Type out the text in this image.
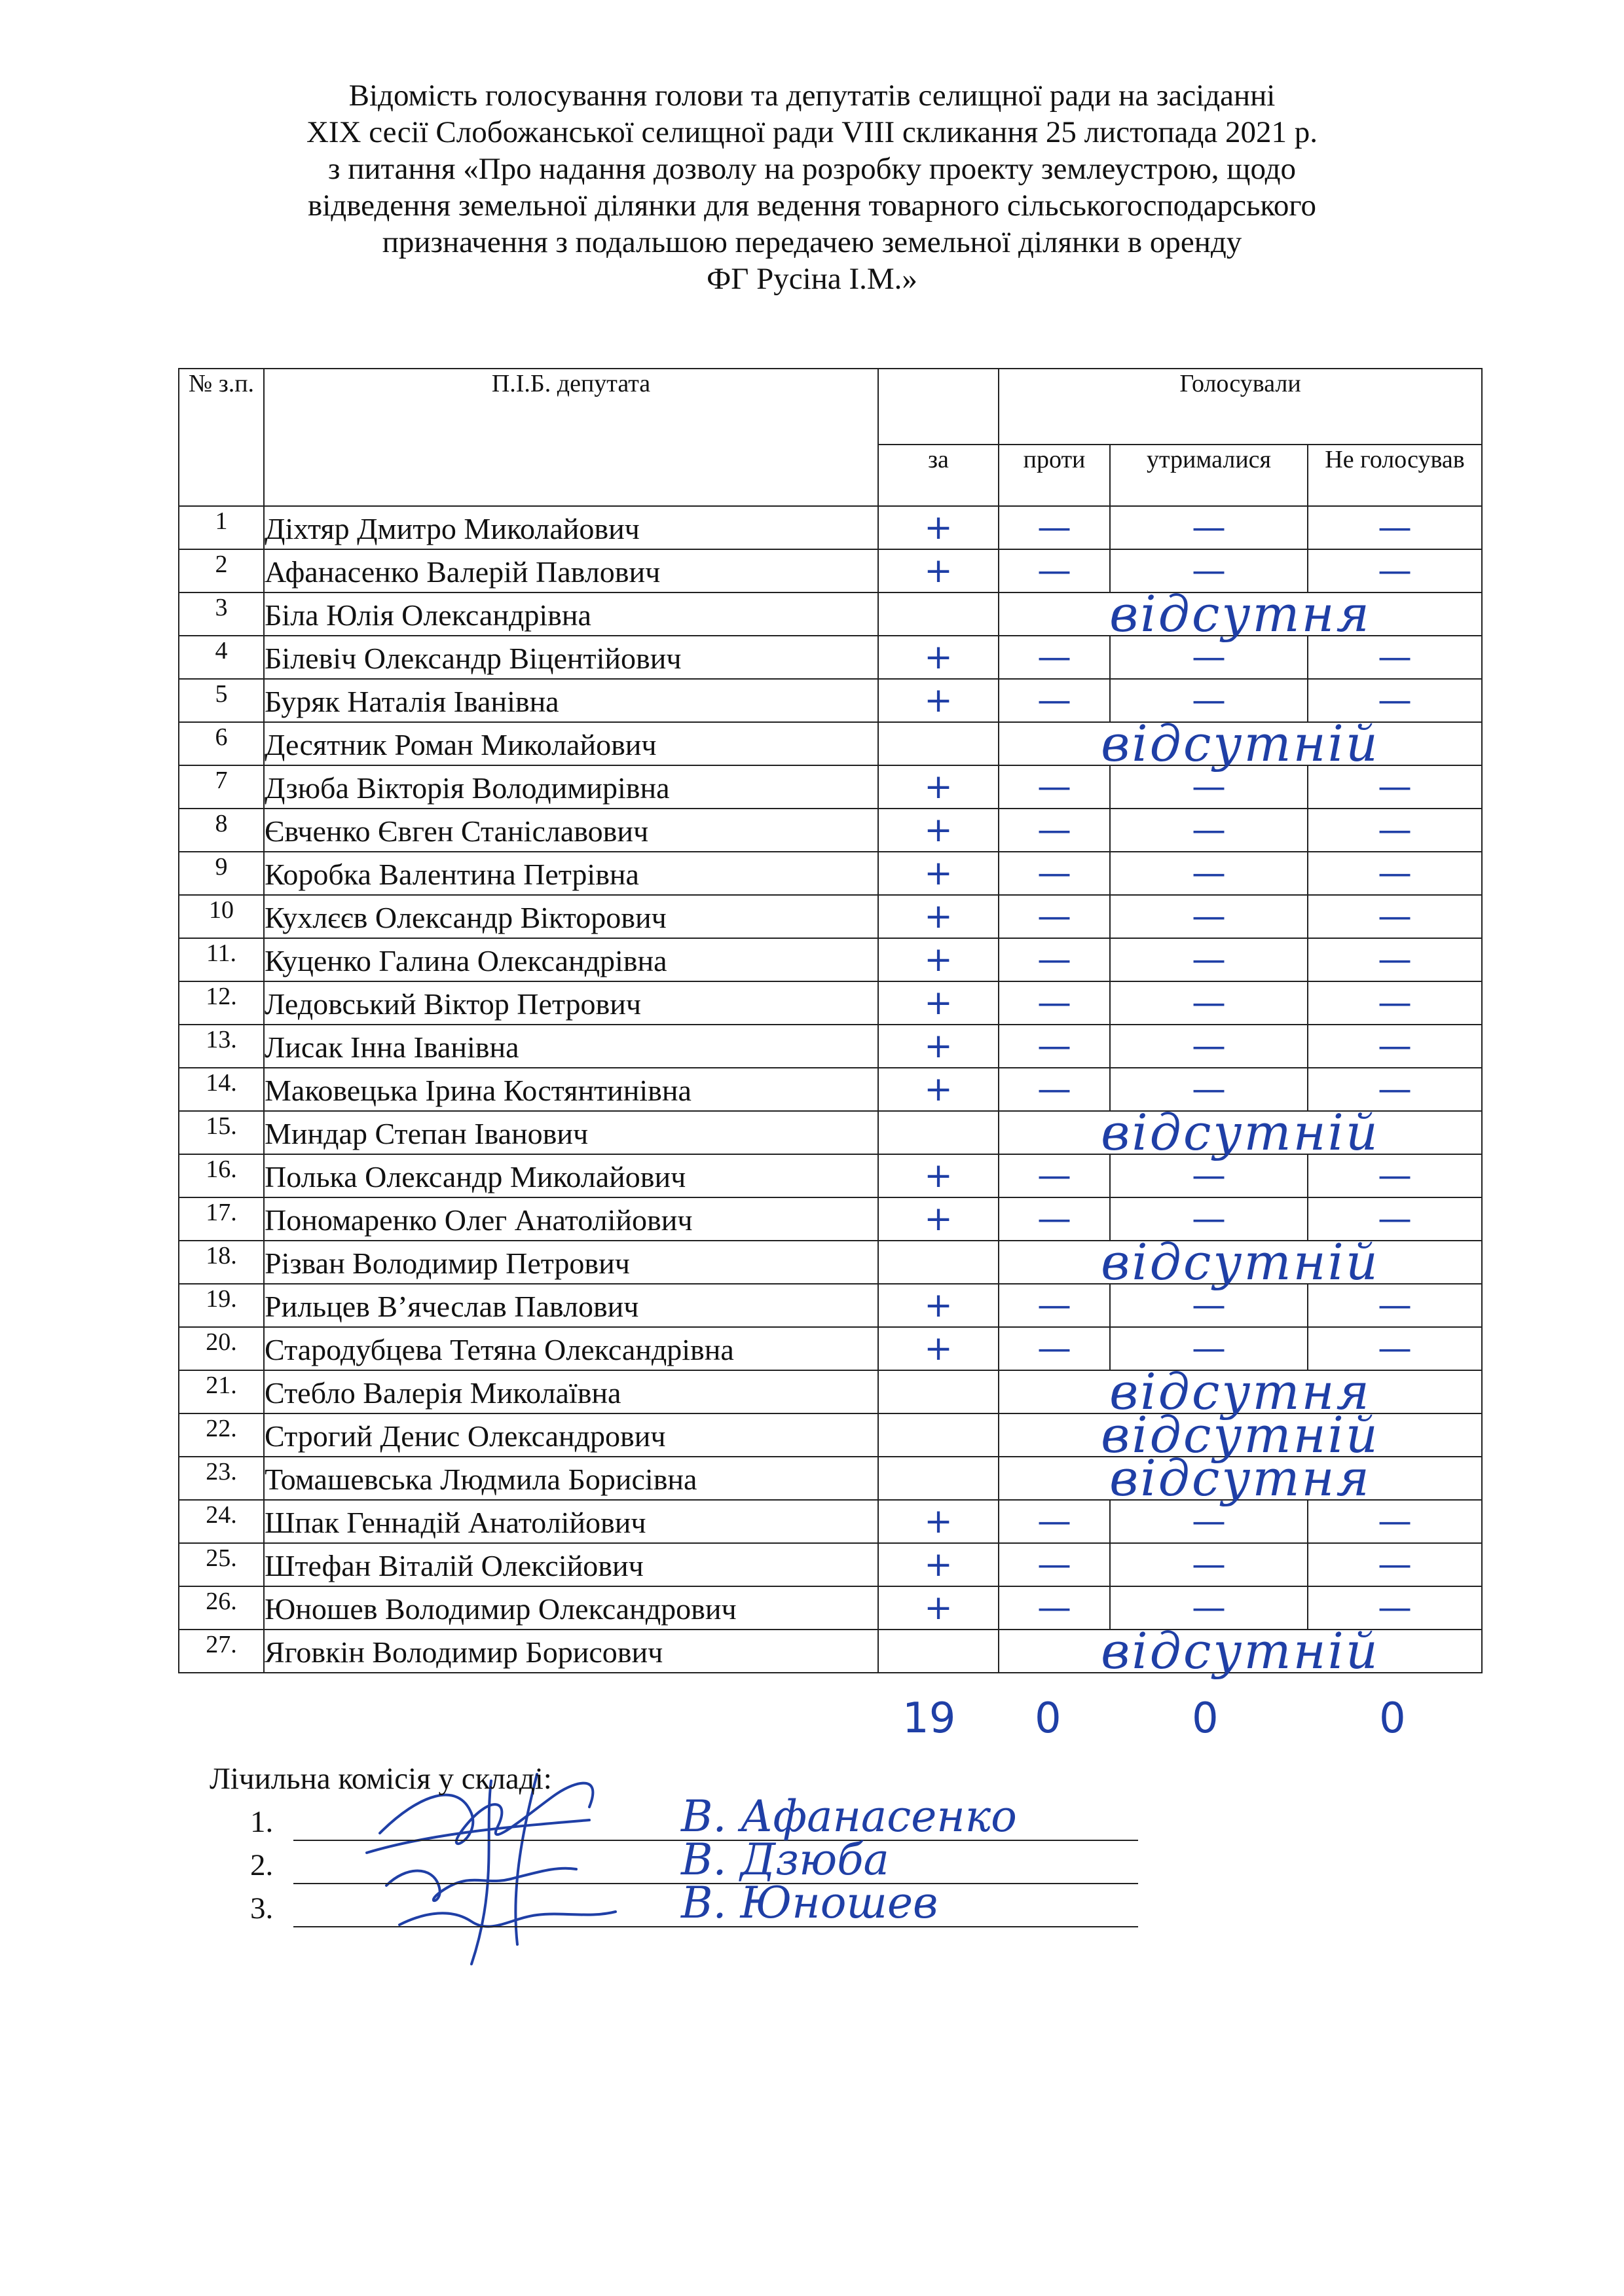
Відомість голосування голови та депутатів селищної ради на засіданні
XIX сесії Слобожанської селищної ради VIII скликання 25 листопада 2021 р.
з питання «Про надання дозволу на розробку проекту землеустрою, щодо
відведення земельної ділянки для ведення товарного сільськогосподарського
призначення з подальшою передачею земельної ділянки в оренду
ФГ Русіна І.М.»
№ з.п.	П.І.Б. депутата		Голосували		
		за	проти	утрималися	Не голосував
1	Діхтяр Дмитро Миколайович	+	—	—	—
2	Афанасенко Валерій Павлович	+	—	—	—
3	Біла Юлія Олександрівна		відсутня		
4	Білевіч Олександр Віцентійович	+	—	—	—
5	Буряк Наталія Іванівна	+	—	—	—
6	Десятник Роман Миколайович		відсутній		
7	Дзюба Вікторія Володимирівна	+	—	—	—
8	Євченко Євген Станіславович	+	—	—	—
9	Коробка Валентина Петрівна	+	—	—	—
10	Кухлєєв Олександр Вікторович	+	—	—	—
11.	Куценко Галина Олександрівна	+	—	—	—
12.	Ледовський Віктор Петрович	+	—	—	—
13.	Лисак Інна Іванівна	+	—	—	—
14.	Маковецька Ірина Костянтинівна	+	—	—	—
15.	Миндар Степан Іванович		відсутній		
16.	Полька Олександр Миколайович	+	—	—	—
17.	Пономаренко Олег Анатолійович	+	—	—	—
18.	Різван Володимир Петрович		відсутній		
19.	Рильцев В’ячеслав Павлович	+	—	—	—
20.	Стародубцева Тетяна Олександрівна	+	—	—	—
21.	Стебло Валерія Миколаївна		відсутня		
22.	Строгий Денис Олександрович		відсутній		
23.	Томашевська Людмила Борисівна		відсутня		
24.	Шпак Геннадій Анатолійович	+	—	—	—
25.	Штефан Віталій Олексійович	+	—	—	—
26.	Юношев Володимир Олександрович	+	—	—	—
27.	Яговкін Володимир Борисович		відсутній		
19 0	0	0
Лічильна комісія у складі:
1.	В. Афанасенко
2.	В. Дзюба
3.	В. Юношев
